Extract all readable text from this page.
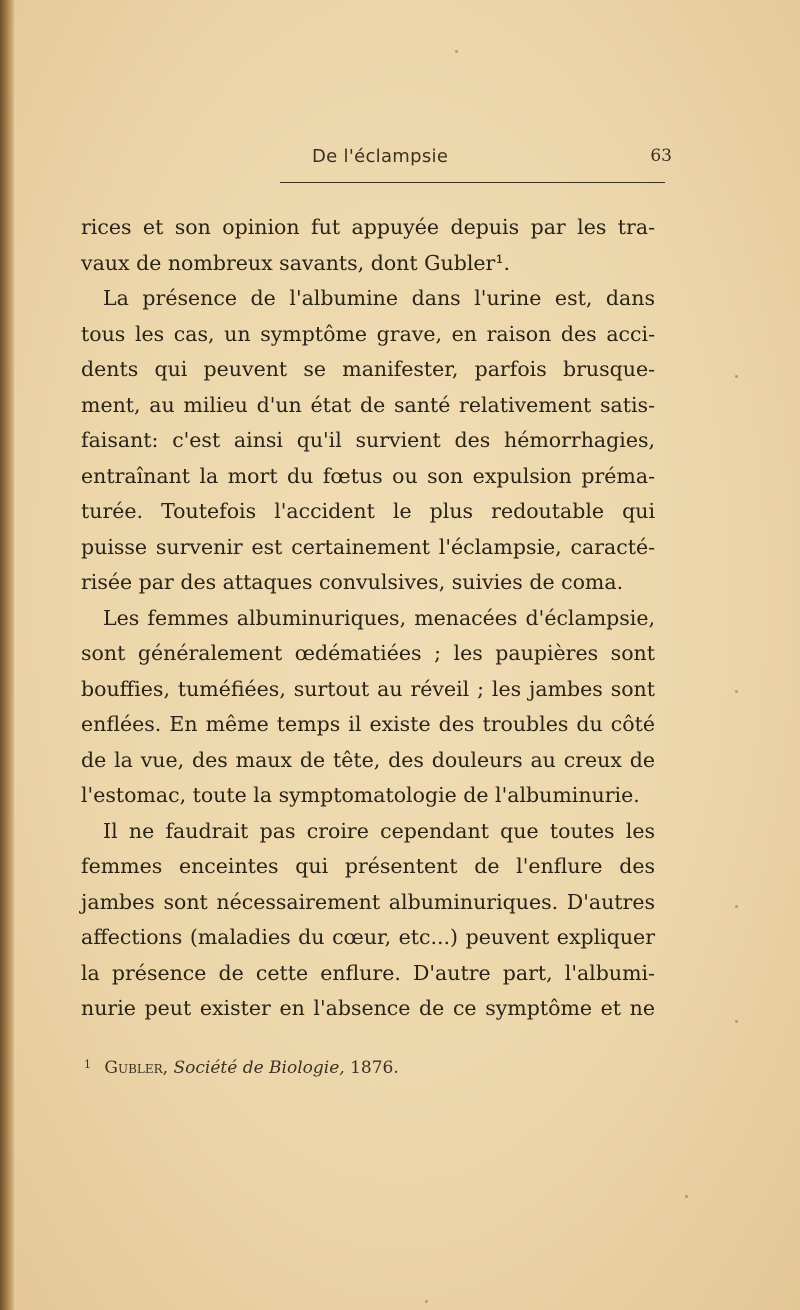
De l'éclampsie	63
rices et son opinion fut appuyée depuis par les tra-
vaux de nombreux savants, dont Gubler¹.
La présence de l'albumine dans l'urine est, dans
tous les cas, un symptôme grave, en raison des acci-
dents qui peuvent se manifester, parfois brusque-
ment, au milieu d'un état de santé relativement satis-
faisant: c'est ainsi qu'il survient des hémorrhagies,
entraînant la mort du fœtus ou son expulsion préma-
turée. Toutefois l'accident le plus redoutable qui
puisse survenir est certainement l'éclampsie, caracté-
risée par des attaques convulsives, suivies de coma.
Les femmes albuminuriques, menacées d'éclampsie,
sont généralement œdématiées ; les paupières sont
bouffies, tuméfiées, surtout au réveil ; les jambes sont
enflées. En même temps il existe des troubles du côté
de la vue, des maux de tête, des douleurs au creux de
l'estomac, toute la symptomatologie de l'albuminurie.
Il ne faudrait pas croire cependant que toutes les
femmes enceintes qui présentent de l'enflure des
jambes sont nécessairement albuminuriques. D'autres
affections (maladies du cœur, etc...) peuvent expliquer
la présence de cette enflure. D'autre part, l'albumi-
nurie peut exister en l'absence de ce symptôme et ne
$^1$ Gubler, Société de Biologie, 1876.
